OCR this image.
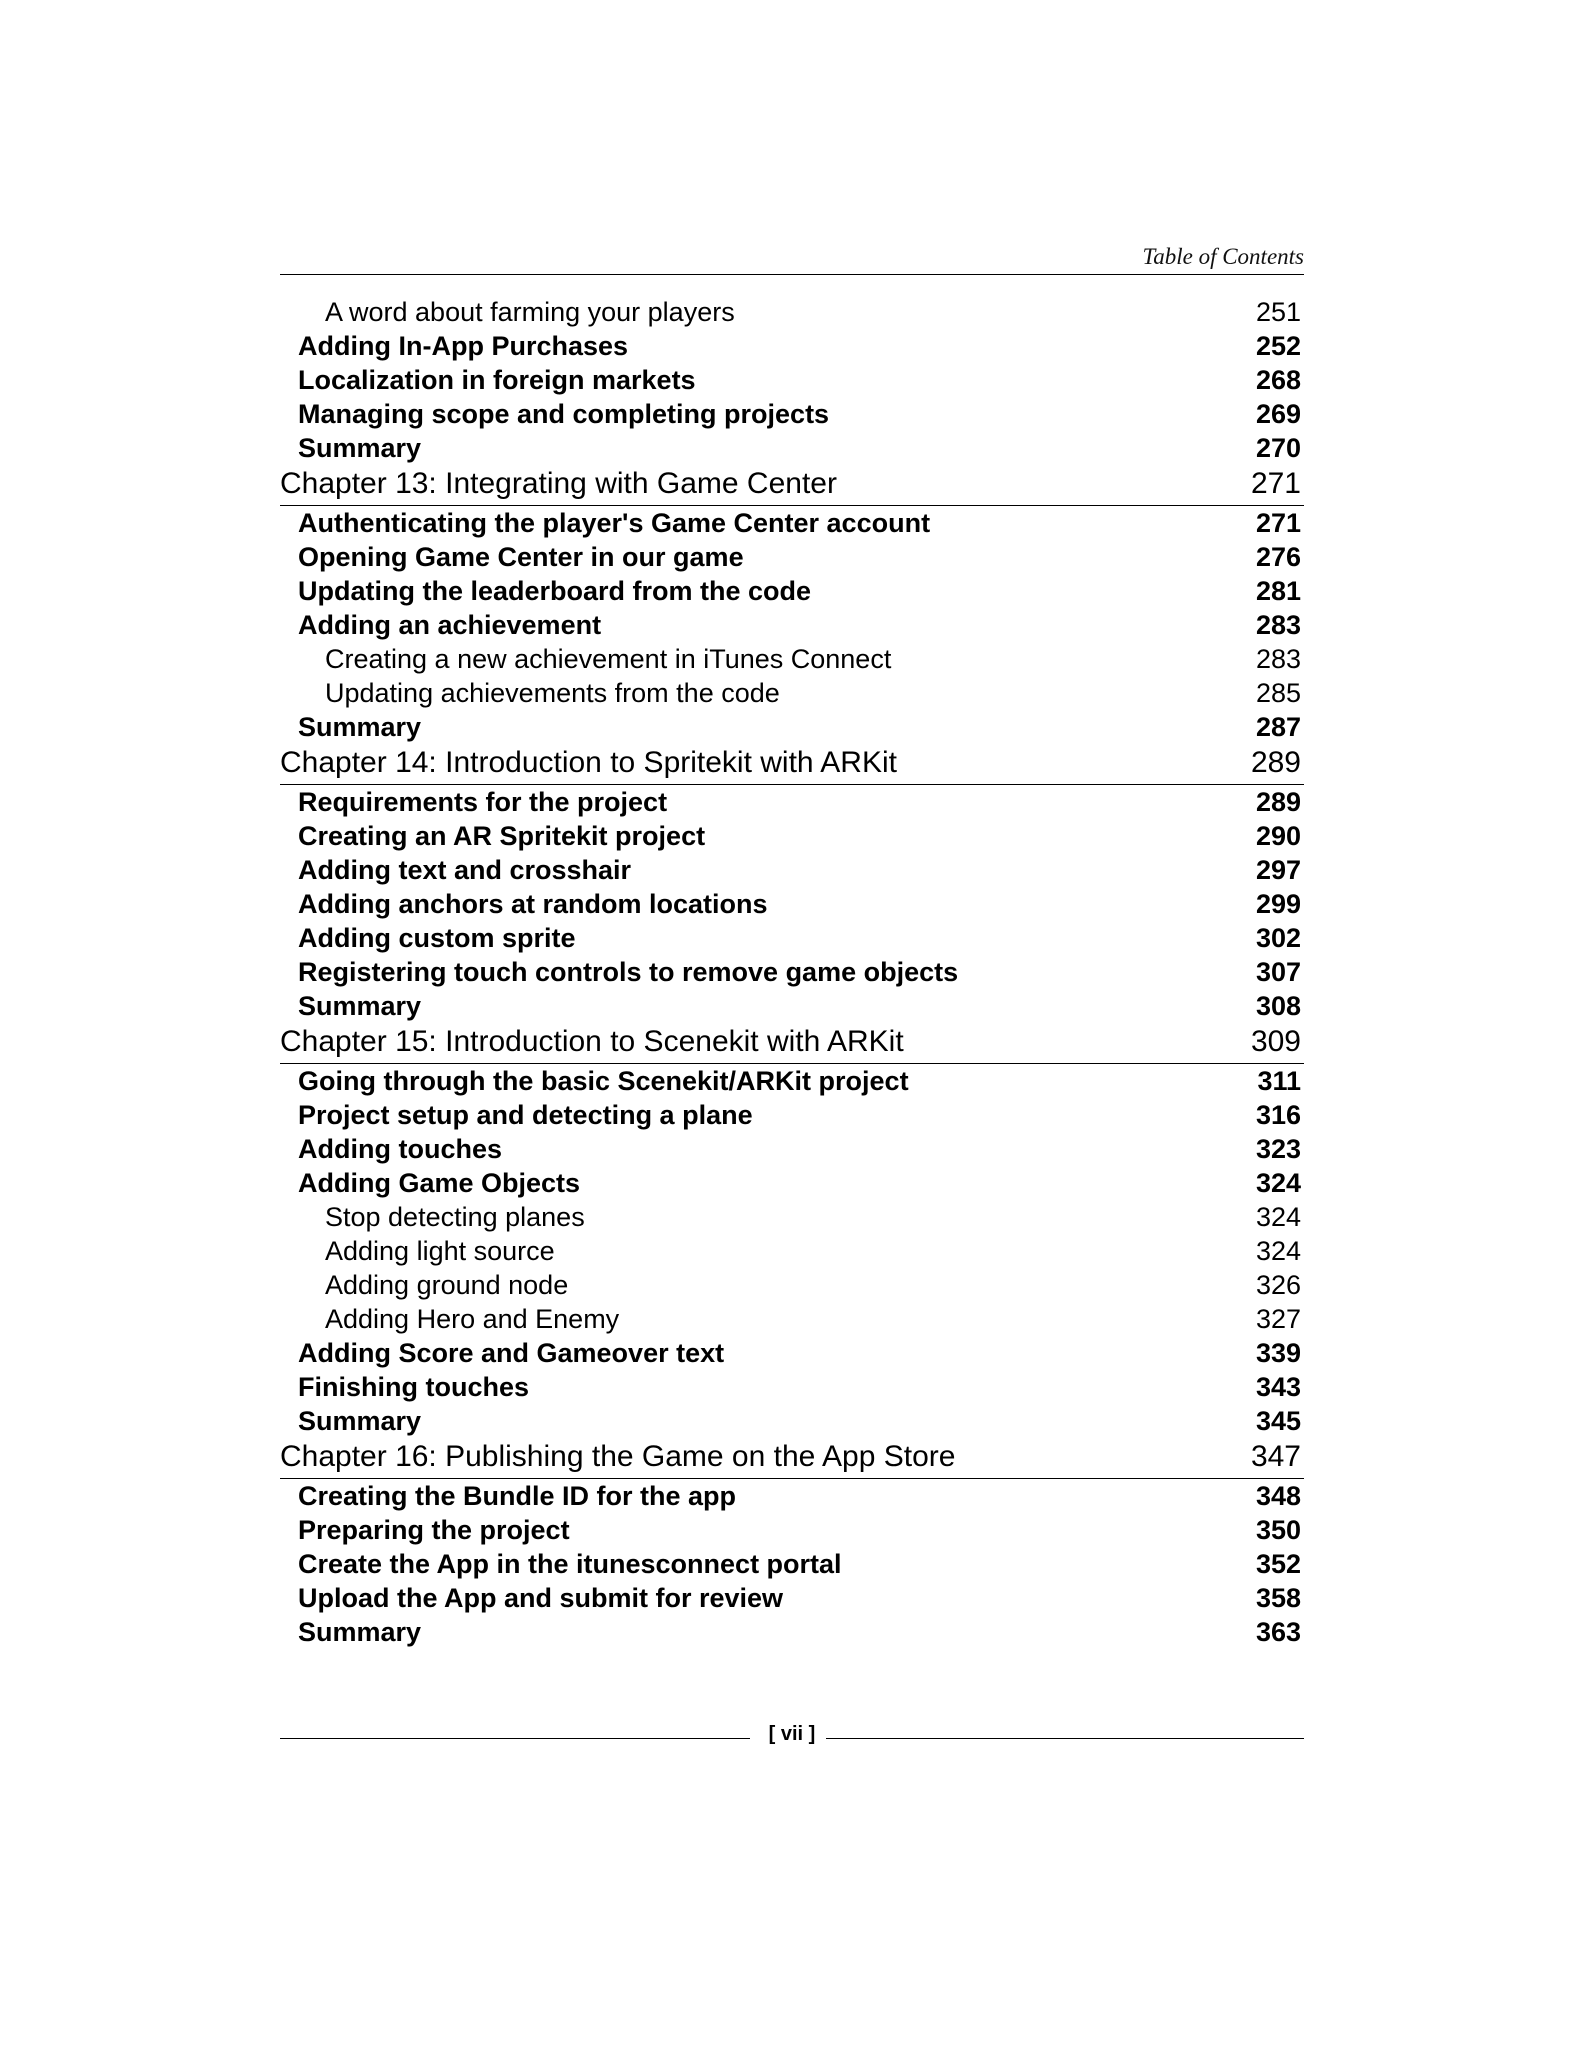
Table of Contents
A word about farming your players	251
Adding In-App Purchases	252
Localization in foreign markets	268
Managing scope and completing projects	269
Summary	270
Chapter 13: Integrating with Game Center	271
Authenticating the player's Game Center account	271
Opening Game Center in our game	276
Updating the leaderboard from the code	281
Adding an achievement	283
Creating a new achievement in iTunes Connect	283
Updating achievements from the code	285
Summary	287
Chapter 14: Introduction to Spritekit with ARKit	289
Requirements for the project	289
Creating an AR Spritekit project	290
Adding text and crosshair	297
Adding anchors at random locations	299
Adding custom sprite	302
Registering touch controls to remove game objects	307
Summary	308
Chapter 15: Introduction to Scenekit with ARKit	309
Going through the basic Scenekit/ARKit project	311
Project setup and detecting a plane	316
Adding touches	323
Adding Game Objects	324
Stop detecting planes	324
Adding light source	324
Adding ground node	326
Adding Hero and Enemy	327
Adding Score and Gameover text	339
Finishing touches	343
Summary	345
Chapter 16: Publishing the Game on the App Store	347
Creating the Bundle ID for the app	348
Preparing the project	350
Create the App in the itunesconnect portal	352
Upload the App and submit for review	358
Summary	363
[ vii ]
